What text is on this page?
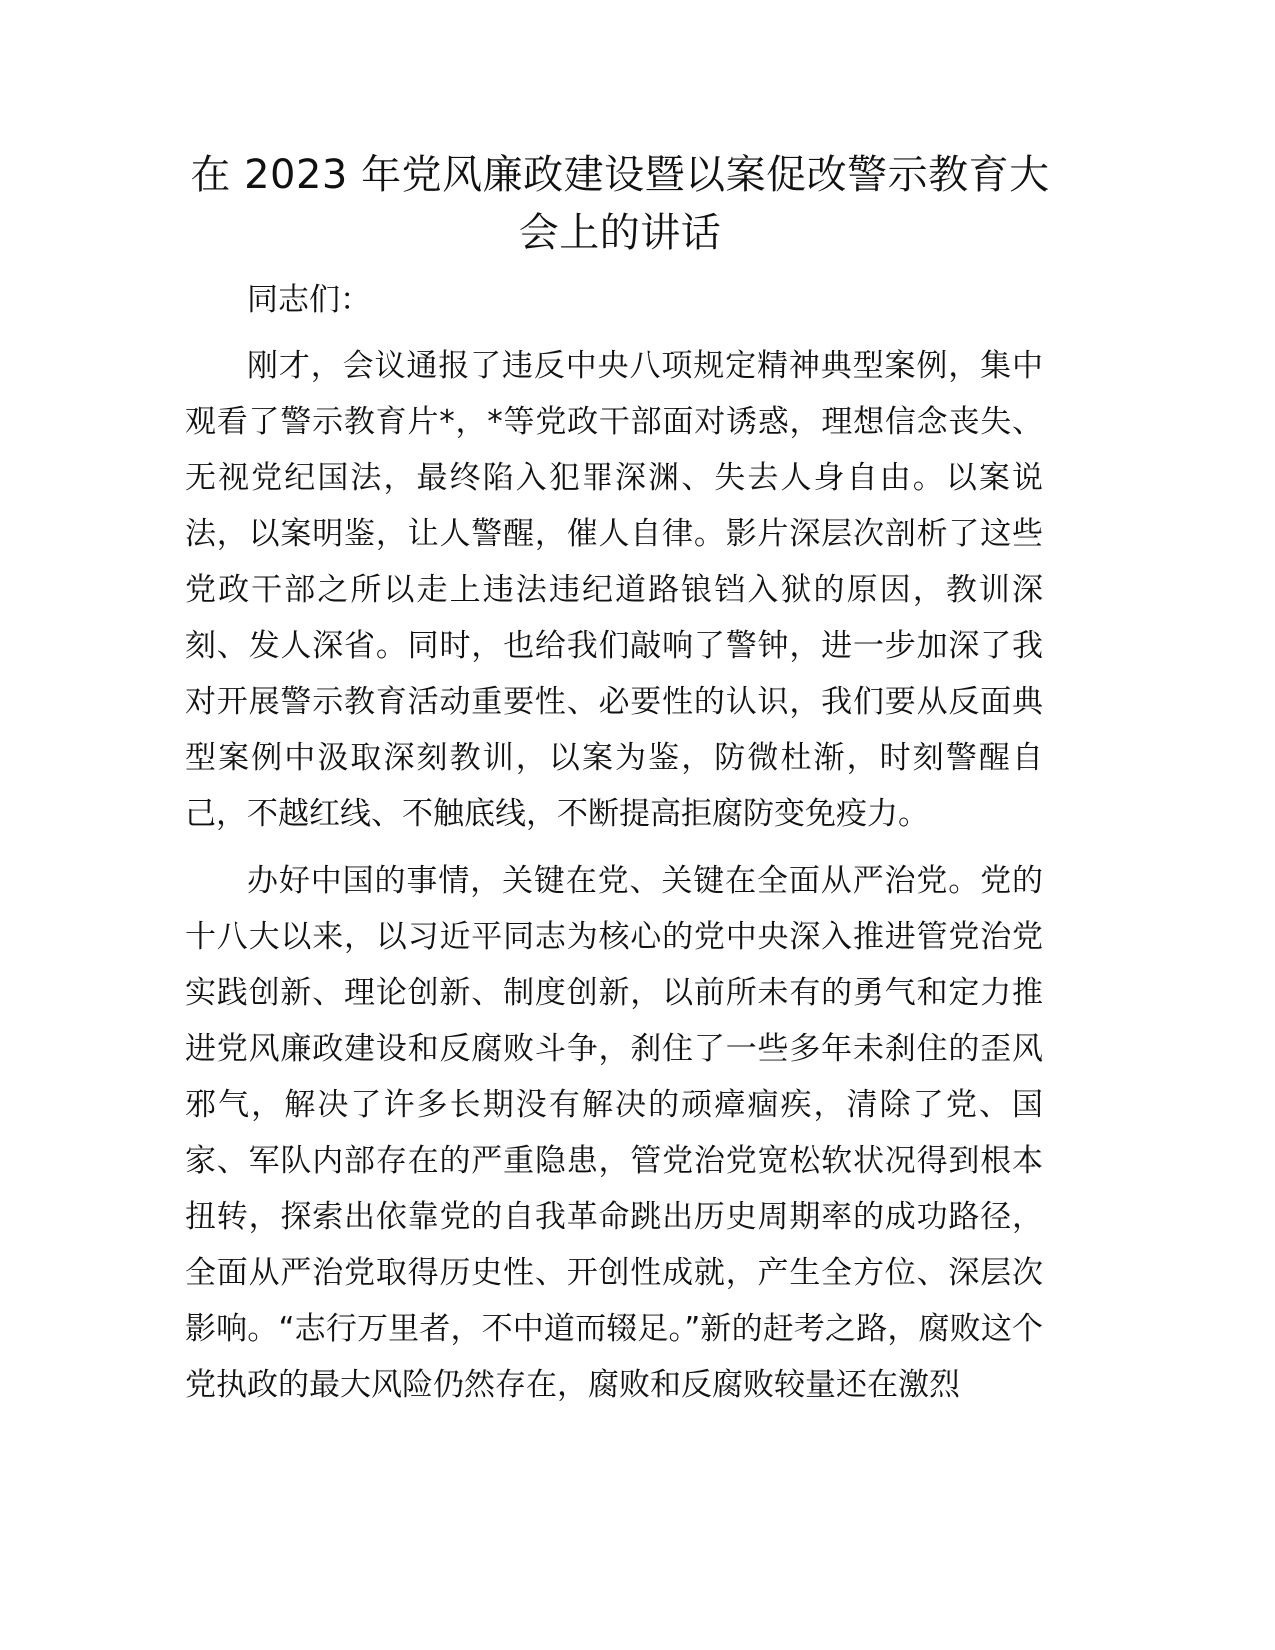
在 2023 年党风廉政建设暨以案促改警示教育大会上的讲话

同志们：

刚才，会议通报了违反中央八项规定精神典型案例，集中观看了警示教育片*，*等党政干部面对诱惑，理想信念丧失、无视党纪国法，最终陷入犯罪深渊、失去人身自由。以案说法，以案明鉴，让人警醒，催人自律。影片深层次剖析了这些党政干部之所以走上违法违纪道路锒铛入狱的原因，教训深刻、发人深省。同时，也给我们敲响了警钟，进一步加深了我对开展警示教育活动重要性、必要性的认识，我们要从反面典型案例中汲取深刻教训，以案为鉴，防微杜渐，时刻警醒自己，不越红线、不触底线，不断提高拒腐防变免疫力。

办好中国的事情，关键在党、关键在全面从严治党。党的十八大以来，以习近平同志为核心的党中央深入推进管党治党实践创新、理论创新、制度创新，以前所未有的勇气和定力推进党风廉政建设和反腐败斗争，刹住了一些多年未刹住的歪风邪气，解决了许多长期没有解决的顽瘴痼疾，清除了党、国家、军队内部存在的严重隐患，管党治党宽松软状况得到根本扭转，探索出依靠党的自我革命跳出历史周期率的成功路径，全面从严治党取得历史性、开创性成就，产生全方位、深层次影响。“志行万里者，不中道而辍足。”新的赶考之路，腐败这个党执政的最大风险仍然存在，腐败和反腐败较量还在激烈
